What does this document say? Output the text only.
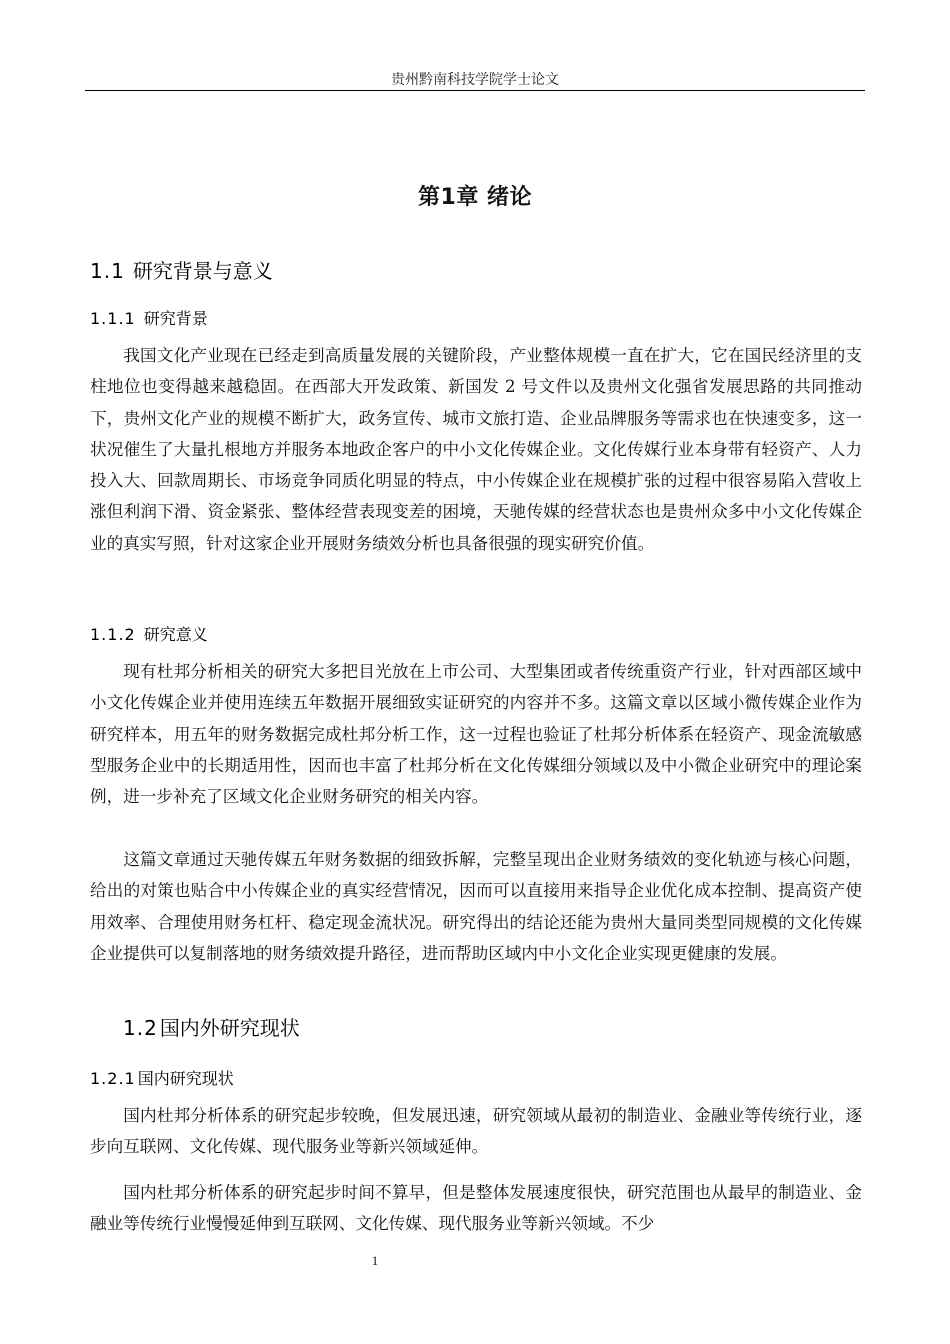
贵州黔南科技学院学士论文
第1章 绪论
1.1 研究背景与意义
1.1.1 研究背景

我国文化产业现在已经走到高质量发展的关键阶段，产业整体规模一直在扩大，它在国民经济里的支柱地位也变得越来越稳固。在西部大开发政策、新国发 2 号文件以及贵州文化强省发展思路的共同推动下，贵州文化产业的规模不断扩大，政务宣传、城市文旅打造、企业品牌服务等需求也在快速变多，这一状况催生了大量扎根地方并服务本地政企客户的中小文化传媒企业。文化传媒行业本身带有轻资产、人力投入大、回款周期长、市场竞争同质化明显的特点，中小传媒企业在规模扩张的过程中很容易陷入营收上涨但利润下滑、资金紧张、整体经营表现变差的困境，天驰传媒的经营状态也是贵州众多中小文化传媒企业的真实写照，针对这家企业开展财务绩效分析也具备很强的现实研究价值。

1.1.2 研究意义

现有杜邦分析相关的研究大多把目光放在上市公司、大型集团或者传统重资产行业，针对西部区域中小文化传媒企业并使用连续五年数据开展细致实证研究的内容并不多。这篇文章以区域小微传媒企业作为研究样本，用五年的财务数据完成杜邦分析工作，这一过程也验证了杜邦分析体系在轻资产、现金流敏感型服务企业中的长期适用性，因而也丰富了杜邦分析在文化传媒细分领域以及中小微企业研究中的理论案例，进一步补充了区域文化企业财务研究的相关内容。

这篇文章通过天驰传媒五年财务数据的细致拆解，完整呈现出企业财务绩效的变化轨迹与核心问题，给出的对策也贴合中小传媒企业的真实经营情况，因而可以直接用来指导企业优化成本控制、提高资产使用效率、合理使用财务杠杆、稳定现金流状况。研究得出的结论还能为贵州大量同类型同规模的文化传媒企业提供可以复制落地的财务绩效提升路径，进而帮助区域内中小文化企业实现更健康的发展。

1.2 国内外研究现状
1.2.1 国内研究现状

国内杜邦分析体系的研究起步较晚，但发展迅速，研究领域从最初的制造业、金融业等传统行业，逐步向互联网、文化传媒、现代服务业等新兴领域延伸。

国内杜邦分析体系的研究起步时间不算早，但是整体发展速度很快，研究范围也从最早的制造业、金融业等传统行业慢慢延伸到互联网、文化传媒、现代服务业等新兴领域。不少

1
